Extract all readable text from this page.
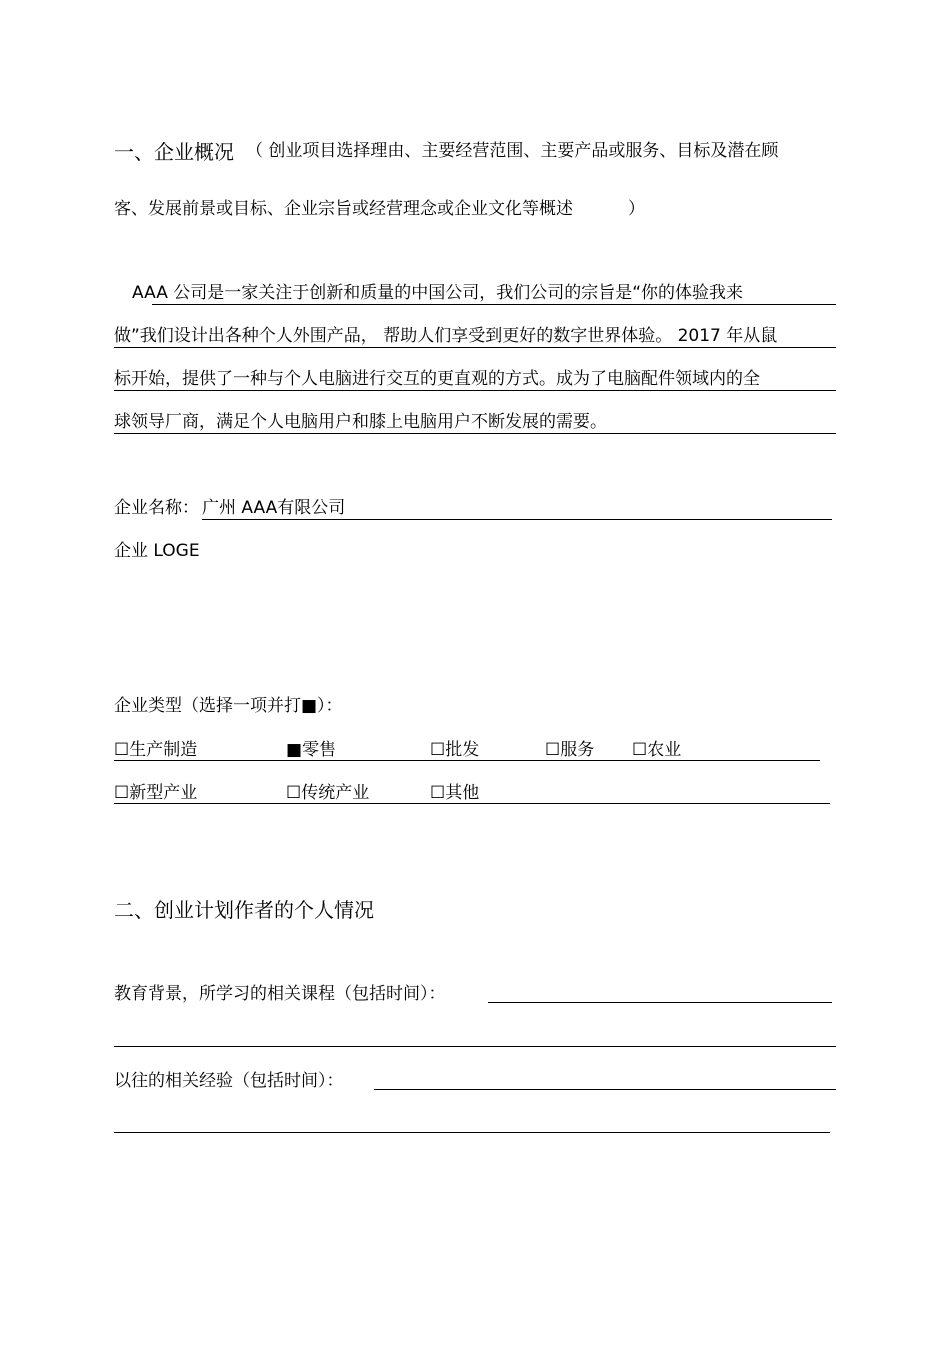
一、企业概况 （ 创业项目选择理由、主要经营范围、主要产品或服务、目标及潜在顾
客、发展前景或目标、企业宗旨或经营理念或企业文化等概述	）
AAA 公司是一家关注于创新和质量的中国公司，我们公司的宗旨是“你的体验我来
做”我们设计出各种个人外围产品， 帮助人们享受到更好的数字世界体验。 2017 年从鼠
标开始，提供了一种与个人电脑进行交互的更直观的方式。成为了电脑配件领域内的全
球领导厂商，满足个人电脑用户和膝上电脑用户不断发展的需要。
企业名称： 广州 AAA有限公司
企业 LOGE
企业类型（选择一项并打■）：
☐生产制造	■零售	☐批发	☐服务 ☐农业
☐新型产业	☐传统产业	☐其他
二、创业计划作者的个人情况
教育背景，所学习的相关课程（包括时间）：
以往的相关经验（包括时间）：
